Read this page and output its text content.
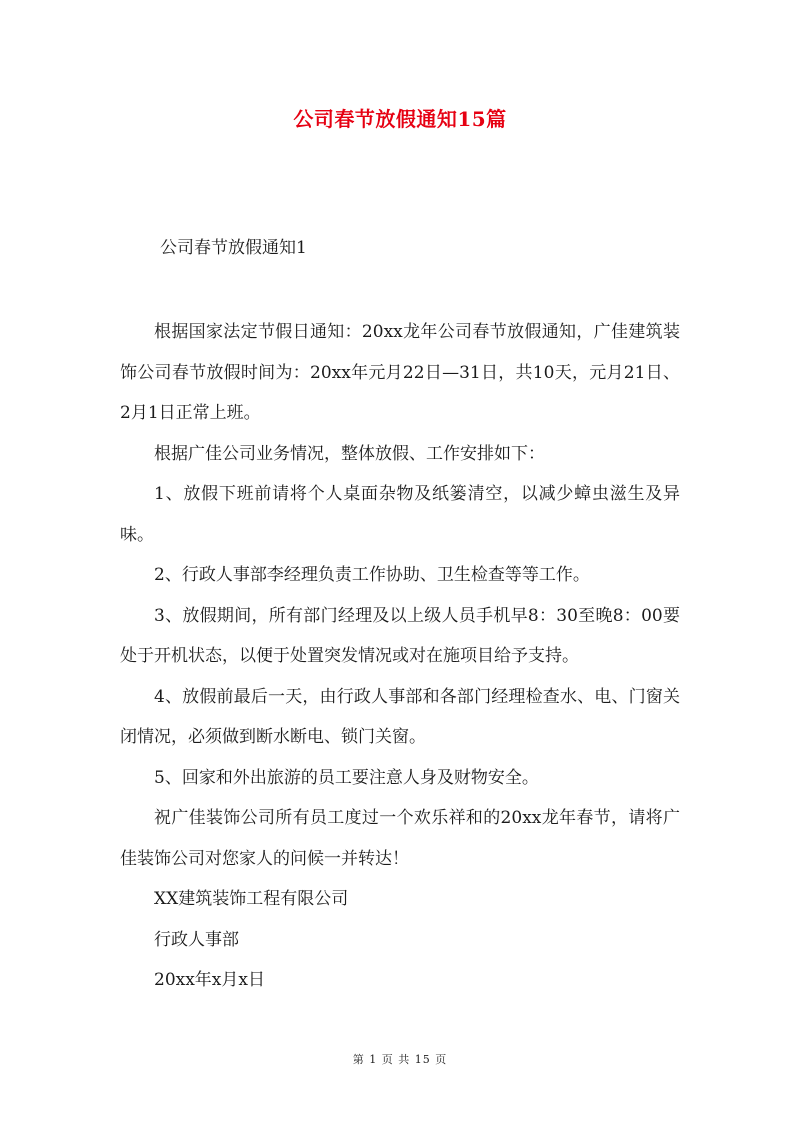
公司春节放假通知15篇
公司春节放假通知1

根据国家法定节假日通知：20xx龙年公司春节放假通知，广佳建筑装饰公司春节放假时间为：20xx年元月22日—31日，共10天，元月21日、2月1日正常上班。

根据广佳公司业务情况，整体放假、工作安排如下：

1、放假下班前请将个人桌面杂物及纸篓清空，以减少蟑虫滋生及异味。

2、行政人事部李经理负责工作协助、卫生检查等等工作。

3、放假期间，所有部门经理及以上级人员手机早8：30至晚8：00要处于开机状态，以便于处置突发情况或对在施项目给予支持。

4、放假前最后一天，由行政人事部和各部门经理检查水、电、门窗关闭情况，必须做到断水断电、锁门关窗。

5、回家和外出旅游的员工要注意人身及财物安全。

祝广佳装饰公司所有员工度过一个欢乐祥和的20xx龙年春节，请将广佳装饰公司对您家人的问候一并转达！

XX建筑装饰工程有限公司

行政人事部

20xx年x月x日

第 1 页 共 15 页
